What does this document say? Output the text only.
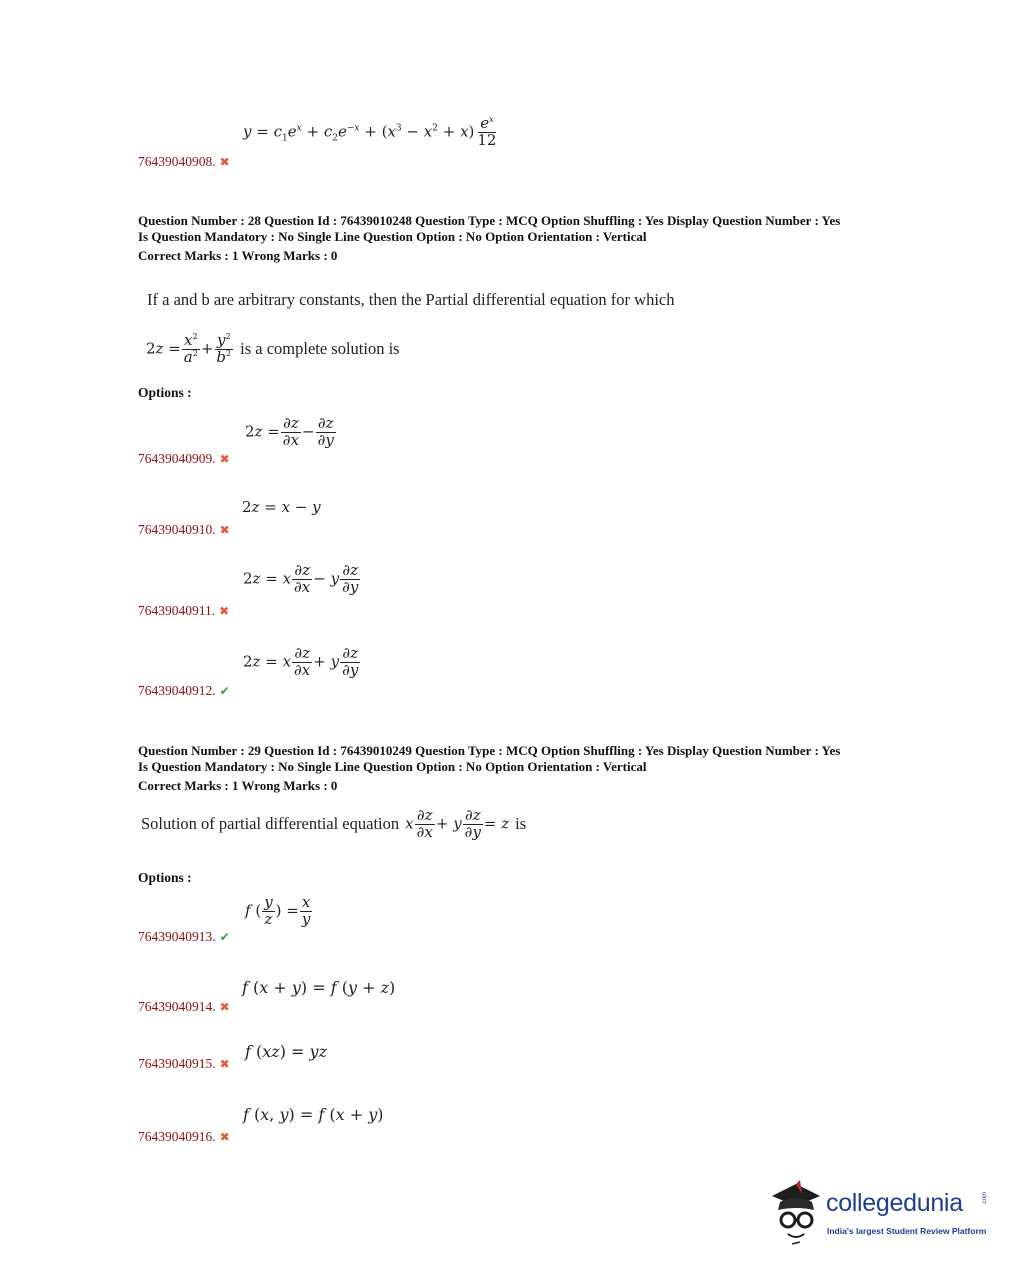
$y = c_1e^x + c_2e^{-x} + (x^3 - x^2 + x) \frac{e^x}{12}$
76439040908. ✖
Question Number : 28 Question Id : 76439010248 Question Type : MCQ Option Shuffling : Yes Display Question Number : Yes
Is Question Mandatory : No Single Line Question Option : No Option Orientation : Vertical
Correct Marks : 1 Wrong Marks : 0
If a and b are arbitrary constants, then the Partial differential equation for which
$2z = \frac{x^2}{a^2} + \frac{y^2}{b^2}$ is a complete solution is
Options :
$2z = \frac{\partial z}{\partial x} - \frac{\partial z}{\partial y}$
76439040909. ✖
2z = x − y
76439040910. ✖
2z = x $\frac{\partial z}{\partial x} - y \frac{\partial z}{\partial y}$
76439040911. ✖
2z = x $\frac{\partial z}{\partial x} + y \frac{\partial z}{\partial y}$
76439040912. ✔
Question Number : 29 Question Id : 76439010249 Question Type : MCQ Option Shuffling : Yes Display Question Number : Yes
Is Question Mandatory : No Single Line Question Option : No Option Orientation : Vertical
Correct Marks : 1 Wrong Marks : 0
Solution of partial differential equation x $\frac{\partial z}{\partial x} + y \frac{\partial z}{\partial y} = z$ is
Options :
f ( $\frac{y}{z}$ ) = $\frac{x}{y}$
76439040913. ✔
f (x + y) = f (y + z)
76439040914. ✖
f (xz) = yz
76439040915. ✖
f (x, y) = f (x + y)
76439040916. ✖
collegedunia	.com
India's largest Student Review Platform
